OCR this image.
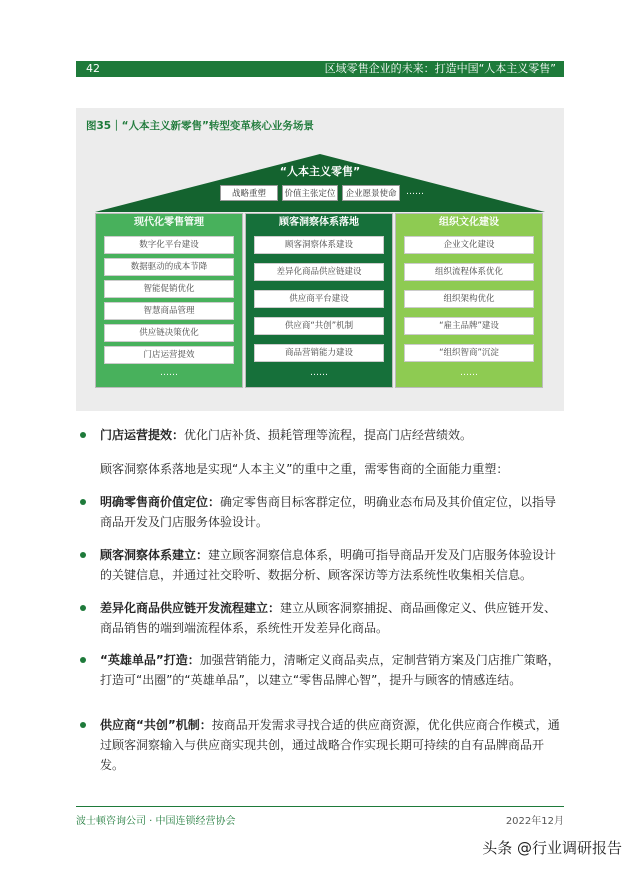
42	区域零售企业的未来：打造中国“人本主义零售”
图35｜“人本主义新零售”转型变革核心业务场景
“人本主义零售”
战略重塑	价值主张定位	企业愿景使命	……
现代化零售管理
数字化平台建设
数据驱动的成本节降
智能促销优化
智慧商品管理
供应链决策优化
门店运营提效
……
顾客洞察体系落地
顾客洞察体系建设
差异化商品供应链建设
供应商平台建设
供应商“共创”机制
商品营销能力建设
……
组织文化建设
企业文化建设
组织流程体系优化
组织架构优化
“雇主品牌”建设
“组织智商”沉淀
……
门店运营提效：优化门店补货、损耗管理等流程，提高门店经营绩效。
顾客洞察体系落地是实现“人本主义”的重中之重，需零售商的全面能力重塑：
明确零售商价值定位：确定零售商目标客群定位，明确业态布局及其价值定位，以指导商品开发及门店服务体验设计。
顾客洞察体系建立：建立顾客洞察信息体系，明确可指导商品开发及门店服务体验设计的关键信息，并通过社交聆听、数据分析、顾客深访等方法系统性收集相关信息。
差异化商品供应链开发流程建立：建立从顾客洞察捕捉、商品画像定义、供应链开发、商品销售的端到端流程体系，系统性开发差异化商品。
“英雄单品”打造：加强营销能力，清晰定义商品卖点，定制营销方案及门店推广策略，打造可“出圈”的“英雄单品”，以建立“零售品牌心智”，提升与顾客的情感连结。
供应商“共创”机制：按商品开发需求寻找合适的供应商资源，优化供应商合作模式，通过顾客洞察输入与供应商实现共创，通过战略合作实现长期可持续的自有品牌商品开发。
波士顿咨询公司 · 中国连锁经营协会	2022年12月
头条 @行业调研报告
